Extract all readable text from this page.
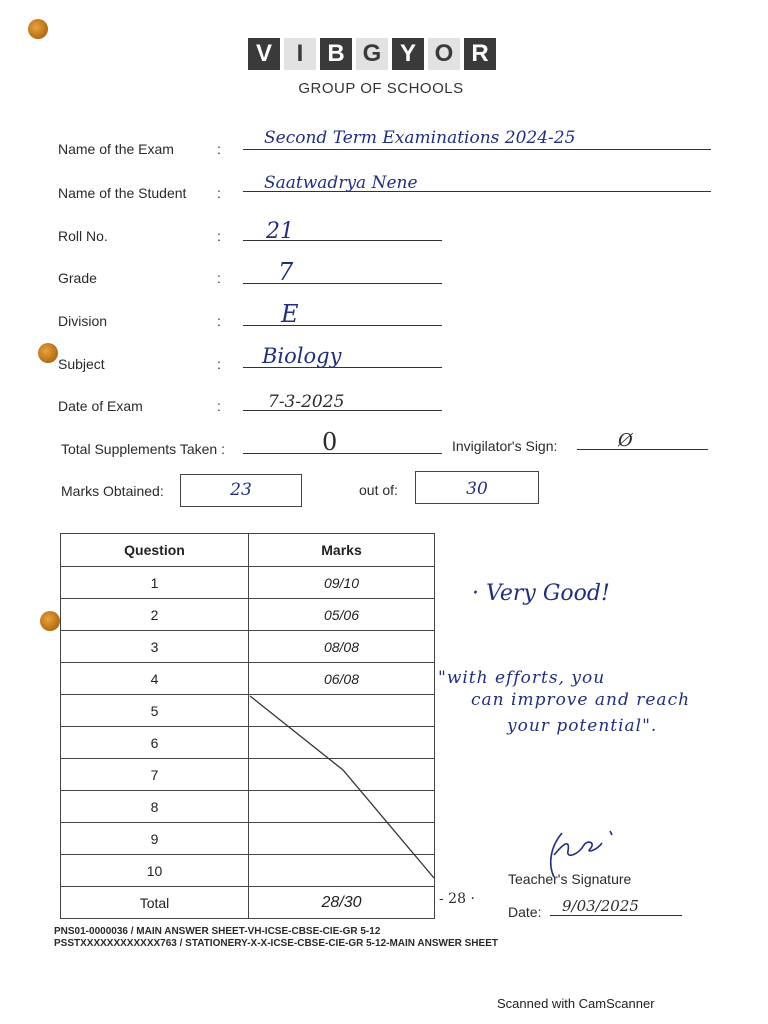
V	I	B G Y O R
GROUP OF SCHOOLS
Name of the Exam	:
Second Term Examinations 2024-25
Name of the Student :	Saatwadrya Nene
Roll No.	: 21
Grade	: 7
Division	:	E
Subject	: Biology
Date of Exam	:	7-3-2025
Total Supplements Taken :	0	Invigilator's Sign:	Ø
Marks Obtained:	23	out of:	30
Question	Marks
1	09/10
2	05/06
3	08/08
4	06/08
5	
6	
7	
8	
9	
10	
Total	28/30	- 28 ·
· Very Good!
"with efforts, you
can improve and reach
your potential".
Teacher's Signature
Date: 9/03/2025
PNS01-0000036 / MAIN ANSWER SHEET-VH-ICSE-CBSE-CIE-GR 5-12
PSSTXXXXXXXXXXXX763 / STATIONERY-X-X-ICSE-CBSE-CIE-GR 5-12-MAIN ANSWER SHEET
Scanned with CamScanner
